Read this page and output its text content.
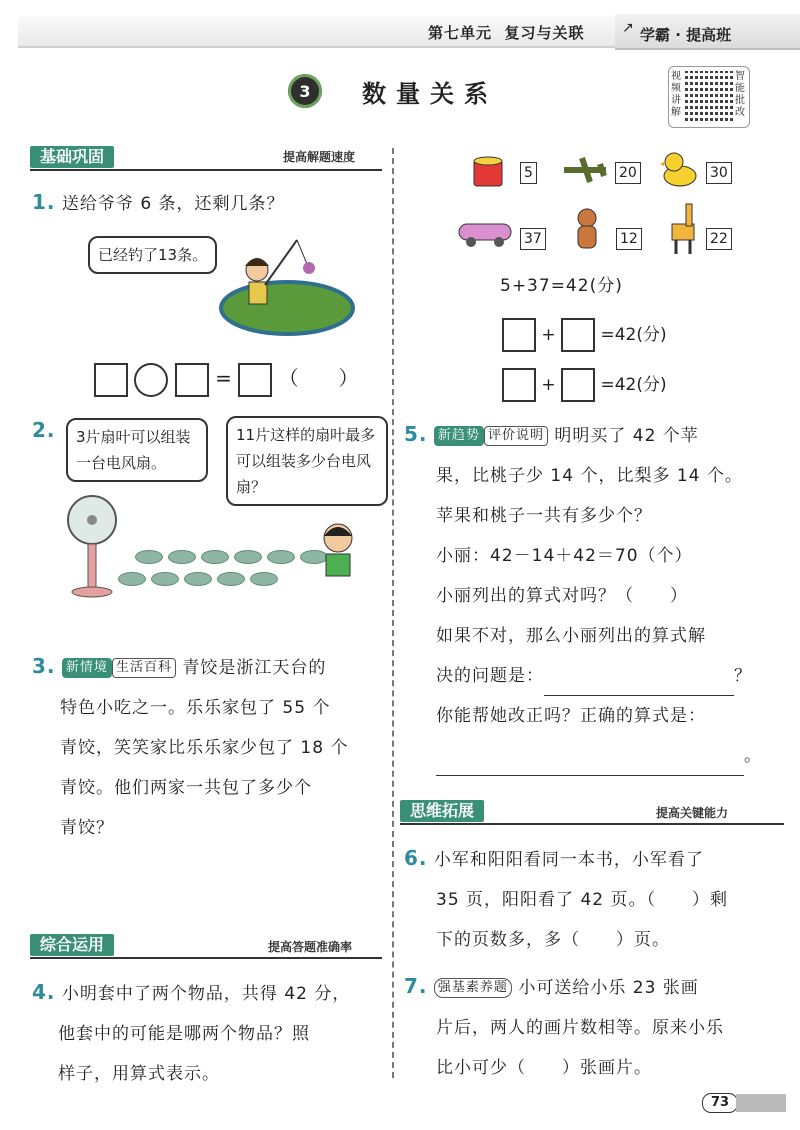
第七单元 复习与关联	↗ 学霸 · 提高班
3	数量关系
视频讲解
智能批改
基础巩固	提高解题速度
1. 送给爷爷 6 条，还剩几条？
已经钓了13条。
= （　　）
2.	3片扇叶可以组装一台电风扇。
11片这样的扇叶最多可以组装多少台电风扇？
3. 新情境 生活百科 青饺是浙江天台的
特色小吃之一。乐乐家包了 55 个
青饺，笑笑家比乐乐家少包了 18 个
青饺。他们两家一共包了多少个
青饺？
综合运用	提高答题准确率
4. 小明套中了两个物品，共得 42 分，
他套中的可能是哪两个物品？照
样子，用算式表示。
5	20	30
37	12	22
5+37=42(分)
+	=42(分)
+	=42(分)
5. 新趋势 评价说明 明明买了 42 个苹
果，比桃子少 14 个，比梨多 14 个。
苹果和桃子一共有多少个？
小丽：42－14＋42＝70（个）
小丽列出的算式对吗？（　　）
如果不对，那么小丽列出的算式解
决的问题是：	？
你能帮她改正吗？正确的算式是：
。
思维拓展	提高关键能力
6. 小军和阳阳看同一本书，小军看了
35 页，阳阳看了 42 页。（　　）剩
下的页数多，多（　　）页。
7. 强基素养题 小可送给小乐 23 张画
片后，两人的画片数相等。原来小乐
比小可少（　　）张画片。
73
